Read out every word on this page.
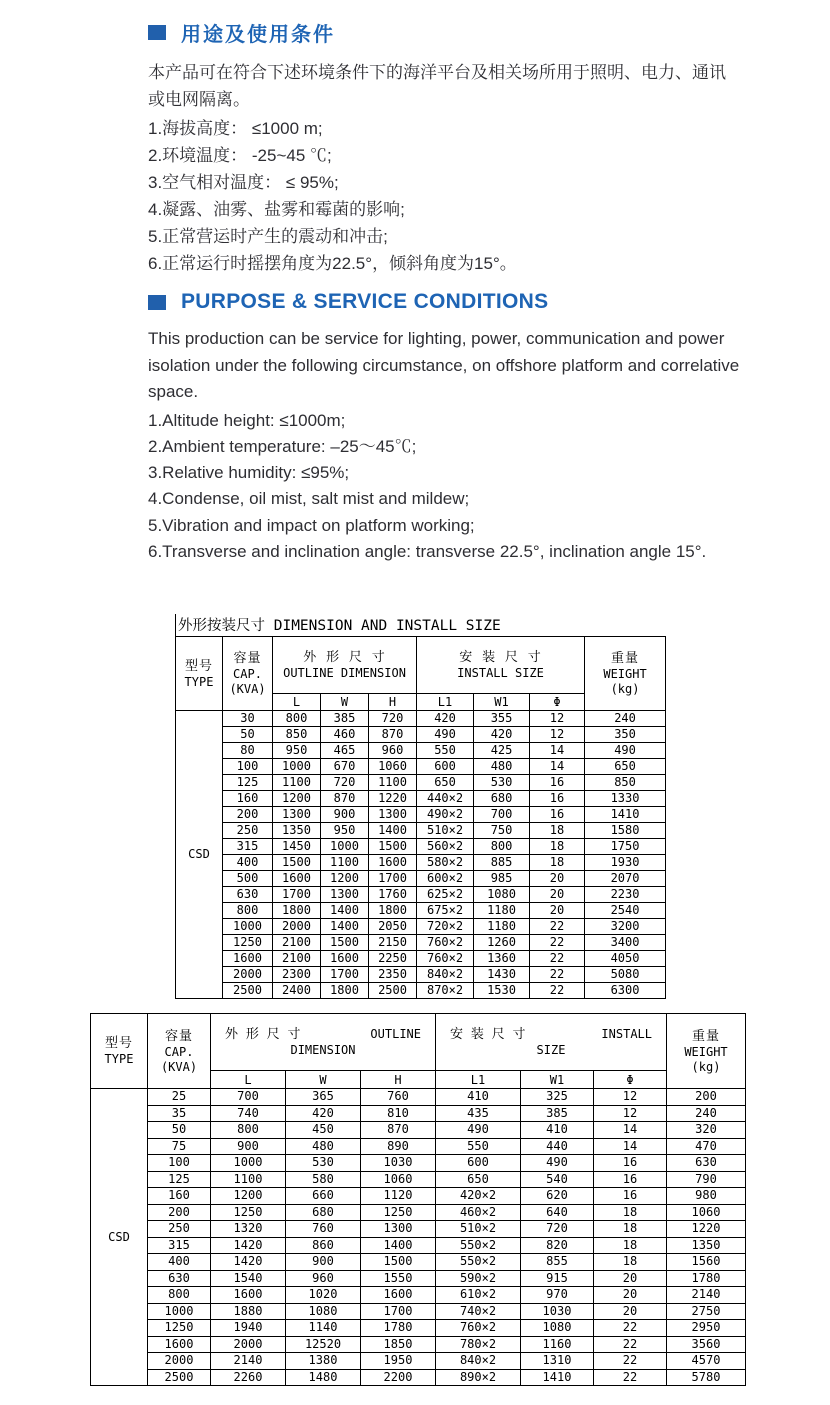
用途及使用条件
本产品可在符合下述环境条件下的海洋平台及相关场所用于照明、电力、通讯或电网隔离。
1.海拔高度： ≤1000 m;
2.环境温度： -25~45 ℃;
3.空气相对温度： ≤ 95%;
4.凝露、油雾、盐雾和霉菌的影响;
5.正常营运时产生的震动和冲击;
6.正常运行时摇摆角度为22.5°，倾斜角度为15°。
PURPOSE & SERVICE CONDITIONS
This production can be service for lighting, power, communication and power isolation under the following circumstance, on offshore platform and correlative space.
1.Altitude height: ≤1000m;
2.Ambient temperature: –25～45℃;
3.Relative humidity: ≤95%;
4.Condense, oil mist, salt mist and mildew;
5.Vibration and impact on platform working;
6.Transverse and inclination angle: transverse 22.5°, inclination angle 15°.
外形按装尺寸 DIMENSION AND INSTALL SIZE
型号
TYPE

容量
CAP.
(KVA)

外 形 尺 寸
OUTLINE DIMENSION

安 装 尺 寸
INSTALL SIZE

重量
WEIGHT
(kg)

		L	W	H	L1	W1	Φ	
CSD	30	800	385	720	420	355	12	240
	50	850	460	870	490	420	12	350
	80	950	465	960	550	425	14	490
	100	1000	670	1060	600	480	14	650
	125	1100	720	1100	650	530	16	850
	160	1200	870	1220	440×2	680	16	1330
	200	1300	900	1300	490×2	700	16	1410
	250	1350	950	1400	510×2	750	18	1580
	315	1450	1000	1500	560×2	800	18	1750
	400	1500	1100	1600	580×2	885	18	1930
	500	1600	1200	1700	600×2	985	20	2070
	630	1700	1300	1760	625×2	1080	20	2230
	800	1800	1400	1800	675×2	1180	20	2540
	1000	2000	1400	2050	720×2	1180	22	3200
	1250	2100	1500	2150	760×2	1260	22	3400
	1600	2100	1600	2250	760×2	1360	22	4050
	2000	2300	1700	2350	840×2	1430	22	5080
	2500	2400	1800	2500	870×2	1530	22	6300
型号
TYPE

容量
CAP.
(KVA)

外 形 尺 寸	OUTLINE
DIMENSION

安 装 尺 寸	INSTALL
SIZE

重量
WEIGHT
(kg)

		L	W	H	L1	W1	Φ	
CSD	25	700	365	760	410	325	12	200
	35	740	420	810	435	385	12	240
	50	800	450	870	490	410	14	320
	75	900	480	890	550	440	14	470
	100	1000	530	1030	600	490	16	630
	125	1100	580	1060	650	540	16	790
	160	1200	660	1120	420×2	620	16	980
	200	1250	680	1250	460×2	640	18	1060
	250	1320	760	1300	510×2	720	18	1220
	315	1420	860	1400	550×2	820	18	1350
	400	1420	900	1500	550×2	855	18	1560
	630	1540	960	1550	590×2	915	20	1780
	800	1600	1020	1600	610×2	970	20	2140
	1000	1880	1080	1700	740×2	1030	20	2750
	1250	1940	1140	1780	760×2	1080	22	2950
	1600	2000	12520	1850	780×2	1160	22	3560
	2000	2140	1380	1950	840×2	1310	22	4570
	2500	2260	1480	2200	890×2	1410	22	5780
